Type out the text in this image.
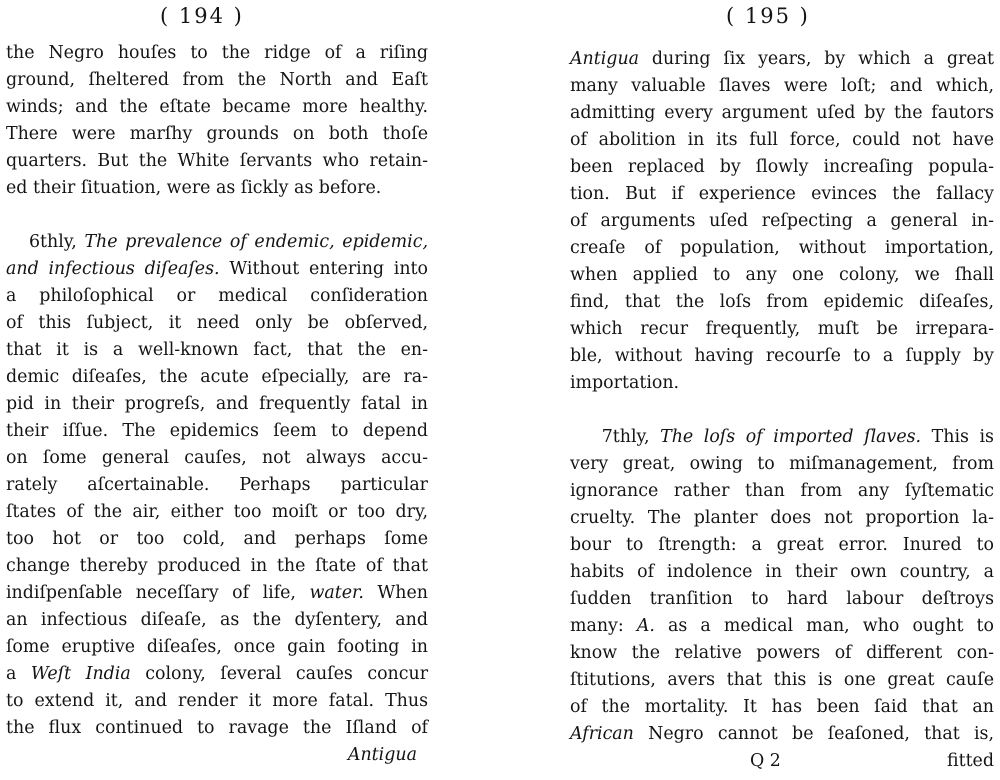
( 194 )
the Negro houſes to the ridge of a riſing
ground, ſheltered from the North and Eaſt
winds; and the eſtate became more healthy.
There were marſhy grounds on both thoſe
quarters. But the White ſervants who retain-
ed their ſituation, were as ſickly as before.
6thly, The prevalence of endemic, epidemic,
and infectious diſeaſes. Without entering into
a philoſophical or medical conſideration
of this ſubject, it need only be obſerved,
that it is a well-known fact, that the en-
demic diſeaſes, the acute eſpecially, are ra-
pid in their progreſs, and frequently fatal in
their iſſue. The epidemics ſeem to depend
on ſome general cauſes, not always accu-
rately aſcertainable. Perhaps particular
ſtates of the air, either too moiſt or too dry,
too hot or too cold, and perhaps ſome
change thereby produced in the ſtate of that
indiſpenſable neceſſary of life, water. When
an infectious diſeaſe, as the dyſentery, and
ſome eruptive diſeaſes, once gain footing in
a Weſt India colony, ſeveral cauſes concur
to extend it, and render it more fatal. Thus
the flux continued to ravage the Iſland of
Antigua
( 195 )
Antigua during ſix years, by which a great
many valuable ſlaves were loſt; and which,
admitting every argument uſed by the fautors
of abolition in its full force, could not have
been replaced by ſlowly increaſing popula-
tion. But if experience evinces the fallacy
of arguments uſed reſpecting a general in-
creaſe of population, without importation,
when applied to any one colony, we ſhall
find, that the loſs from epidemic diſeaſes,
which recur frequently, muſt be irrepara-
ble, without having recourſe to a ſupply by
importation.
7thly, The loſs of imported ſlaves. This is
very great, owing to miſmanagement, from
ignorance rather than from any ſyſtematic
cruelty. The planter does not proportion la-
bour to ſtrength: a great error. Inured to
habits of indolence in their own country, a
ſudden tranſition to hard labour deſtroys
many: A. as a medical man, who ought to
know the relative powers of different con-
ſtitutions, avers that this is one great cauſe
of the mortality. It has been ſaid that an
African Negro cannot be ſeaſoned, that is,
Q 2	fitted
